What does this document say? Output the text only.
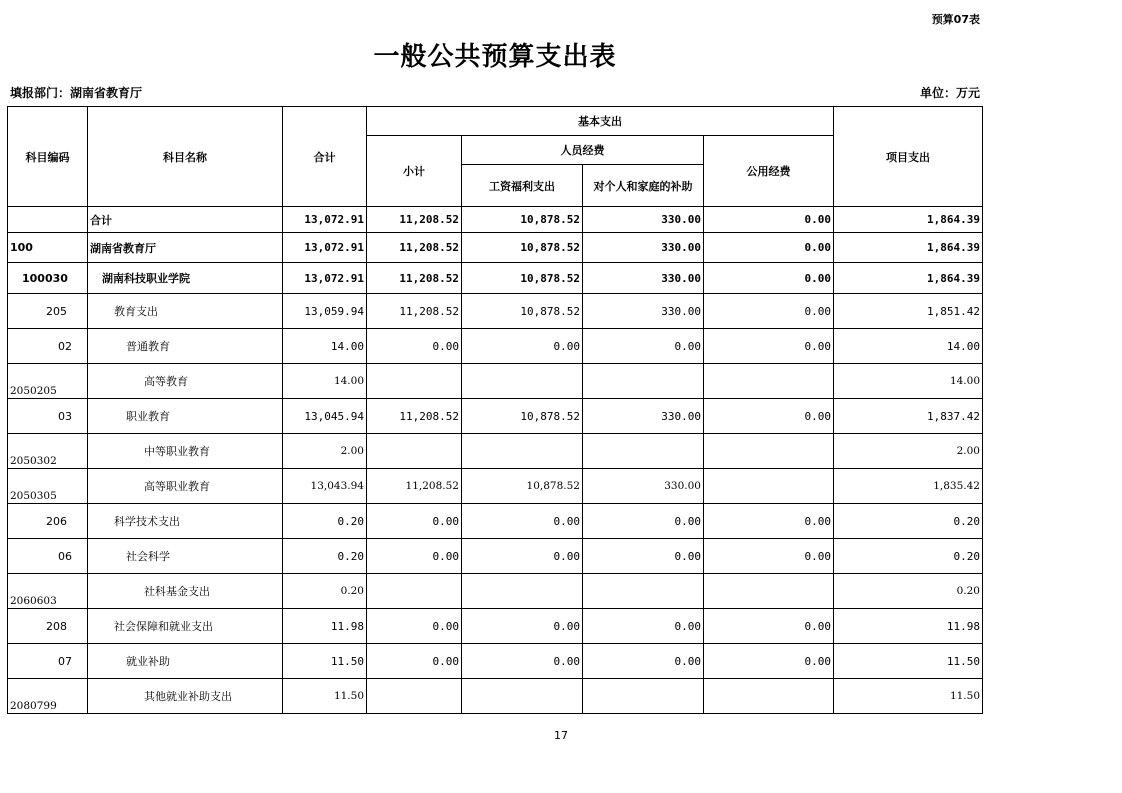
预算07表
一般公共预算支出表
填报部门：湖南省教育厅	单位：万元
科目编码	科目名称	合计	基本支出				项目支出
			小计	人员经费		公用经费	
				工资福利支出	对个人和家庭的补助		
	合计	13,072.91	11,208.52	10,878.52	330.00	0.00	1,864.39
100	湖南省教育厅	13,072.91	11,208.52	10,878.52	330.00	0.00	1,864.39
100030	湖南科技职业学院	13,072.91	11,208.52	10,878.52	330.00	0.00	1,864.39
205	教育支出	13,059.94	11,208.52	10,878.52	330.00	0.00	1,851.42
02	普通教育	14.00	0.00	0.00	0.00	0.00	14.00
2050205	高等教育	14.00					14.00
03	职业教育	13,045.94	11,208.52	10,878.52	330.00	0.00	1,837.42
2050302	中等职业教育	2.00					2.00
2050305	高等职业教育	13,043.94	11,208.52	10,878.52	330.00		1,835.42
206	科学技术支出	0.20	0.00	0.00	0.00	0.00	0.20
06	社会科学	0.20	0.00	0.00	0.00	0.00	0.20
2060603	社科基金支出	0.20					0.20
208	社会保障和就业支出	11.98	0.00	0.00	0.00	0.00	11.98
07	就业补助	11.50	0.00	0.00	0.00	0.00	11.50
2080799	其他就业补助支出	11.50					11.50
17
